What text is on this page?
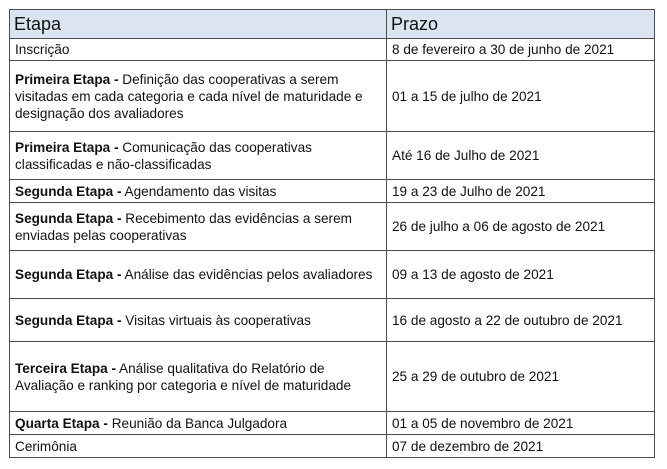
Etapa	Prazo
Inscrição	8 de fevereiro a 30 de junho de 2021
Primeira Etapa - Definição das cooperativas a serem visitadas em cada categoria e cada nível de maturidade e designação dos avaliadores	01 a 15 de julho de 2021
Primeira Etapa - Comunicação das cooperativas classificadas e não-classificadas	Até 16 de Julho de 2021
Segunda Etapa - Agendamento das visitas	19 a 23 de Julho de 2021
Segunda Etapa - Recebimento das evidências a serem enviadas pelas cooperativas	26 de julho a 06 de agosto de 2021
Segunda Etapa - Análise das evidências pelos avaliadores	09 a 13 de agosto de 2021
Segunda Etapa - Visitas virtuais às cooperativas	16 de agosto a 22 de outubro de 2021
Terceira Etapa - Análise qualitativa do Relatório de Avaliação e ranking por categoria e nível de maturidade	25 a 29 de outubro de 2021
Quarta Etapa - Reunião da Banca Julgadora	01 a 05 de novembro de 2021
Cerimônia	07 de dezembro de 2021
